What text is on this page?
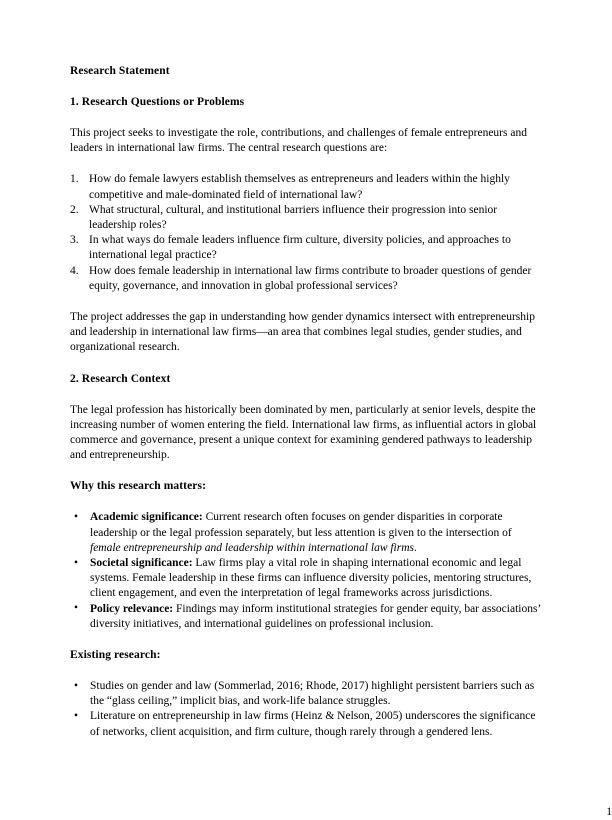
Research Statement
1. Research Questions or Problems

This project seeks to investigate the role, contributions, and challenges of female entrepreneurs and leaders in international law firms. The central research questions are:

1. How do female lawyers establish themselves as entrepreneurs and leaders within the highly competitive and male-dominated field of international law?
2. What structural, cultural, and institutional barriers influence their progression into senior leadership roles?
3. In what ways do female leaders influence firm culture, diversity policies, and approaches to international legal practice?
4. How does female leadership in international law firms contribute to broader questions of gender equity, governance, and innovation in global professional services?

The project addresses the gap in understanding how gender dynamics intersect with entrepreneurship and leadership in international law firms—an area that combines legal studies, gender studies, and organizational research.

2. Research Context

The legal profession has historically been dominated by men, particularly at senior levels, despite the increasing number of women entering the field. International law firms, as influential actors in global commerce and governance, present a unique context for examining gendered pathways to leadership and entrepreneurship.

Why this research matters:
• Academic significance: Current research often focuses on gender disparities in corporate leadership or the legal profession separately, but less attention is given to the intersection of female entrepreneurship and leadership within international law firms.
• Societal significance: Law firms play a vital role in shaping international economic and legal systems. Female leadership in these firms can influence diversity policies, mentoring structures, client engagement, and even the interpretation of legal frameworks across jurisdictions.
• Policy relevance: Findings may inform institutional strategies for gender equity, bar associations’ diversity initiatives, and international guidelines on professional inclusion.
Existing research:
• Studies on gender and law (Sommerlad, 2016; Rhode, 2017) highlight persistent barriers such as the “glass ceiling,” implicit bias, and work-life balance struggles.
• Literature on entrepreneurship in law firms (Heinz & Nelson, 2005) underscores the significance of networks, client acquisition, and firm culture, though rarely through a gendered lens.
1
